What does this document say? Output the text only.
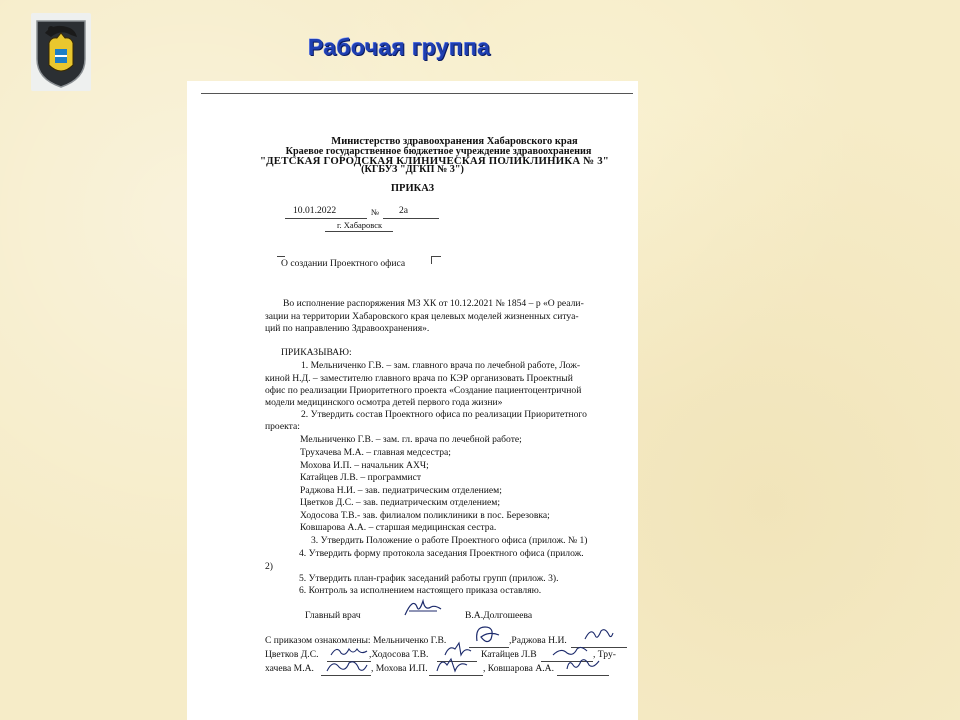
Рабочая группа
Министерство здравоохранения Хабаровского края
Краевое государственное бюджетное учреждение здравоохранения
"ДЕТСКАЯ ГОРОДСКАЯ КЛИНИЧЕСКАЯ ПОЛИКЛИНИКА № 3"
(КГБУЗ "ДГКП № 3")
ПРИКАЗ
10.01.2022	№ 2а
г. Хабаровск
О создании Проектного офиса
Во исполнение распоряжения МЗ ХК от 10.12.2021 № 1854 – р «О реали-
зации на территории Хабаровского края целевых моделей жизненных ситуа-
ций по направлению Здравоохранения».
ПРИКАЗЫВАЮ:
1. Мельниченко Г.В. – зам. главного врача по лечебной работе, Лож-
киной Н.Д. – заместителю главного врача по КЭР организовать Проектный
офис по реализации Приоритетного проекта «Создание пациентоцентричной
модели медицинского осмотра детей первого года жизни»
2. Утвердить состав Проектного офиса по реализации Приоритетного
проекта:
Мельниченко Г.В. – зам. гл. врача по лечебной работе;
Трухачева М.А. – главная медсестра;
Мохова И.П. – начальник АХЧ;
Катайцев Л.В. – программист
Раджова Н.И. – зав. педиатрическим отделением;
Цветков Д.С. – зав. педиатрическим отделением;
Ходосова Т.В.- зав. филиалом поликлиники в пос. Березовка;
Ковшарова А.А. – старшая медицинская сестра.
3. Утвердить Положение о работе Проектного офиса (прилож. № 1)
4. Утвердить форму протокола заседания Проектного офиса (прилож.
2)
5. Утвердить план-график заседаний работы групп (прилож. 3).
6. Контроль за исполнением настоящего приказа оставляю.
Главный врач	В.А.Долгошеева
С приказом ознакомлены: Мельниченко Г.В.	,Раджова Н.И.
Цветков Д.С.	,Ходосова Т.В.	Катайцев Л.В	, Тру-
хачева М.А.	, Мохова И.П.	, Ковшарова А.А.
